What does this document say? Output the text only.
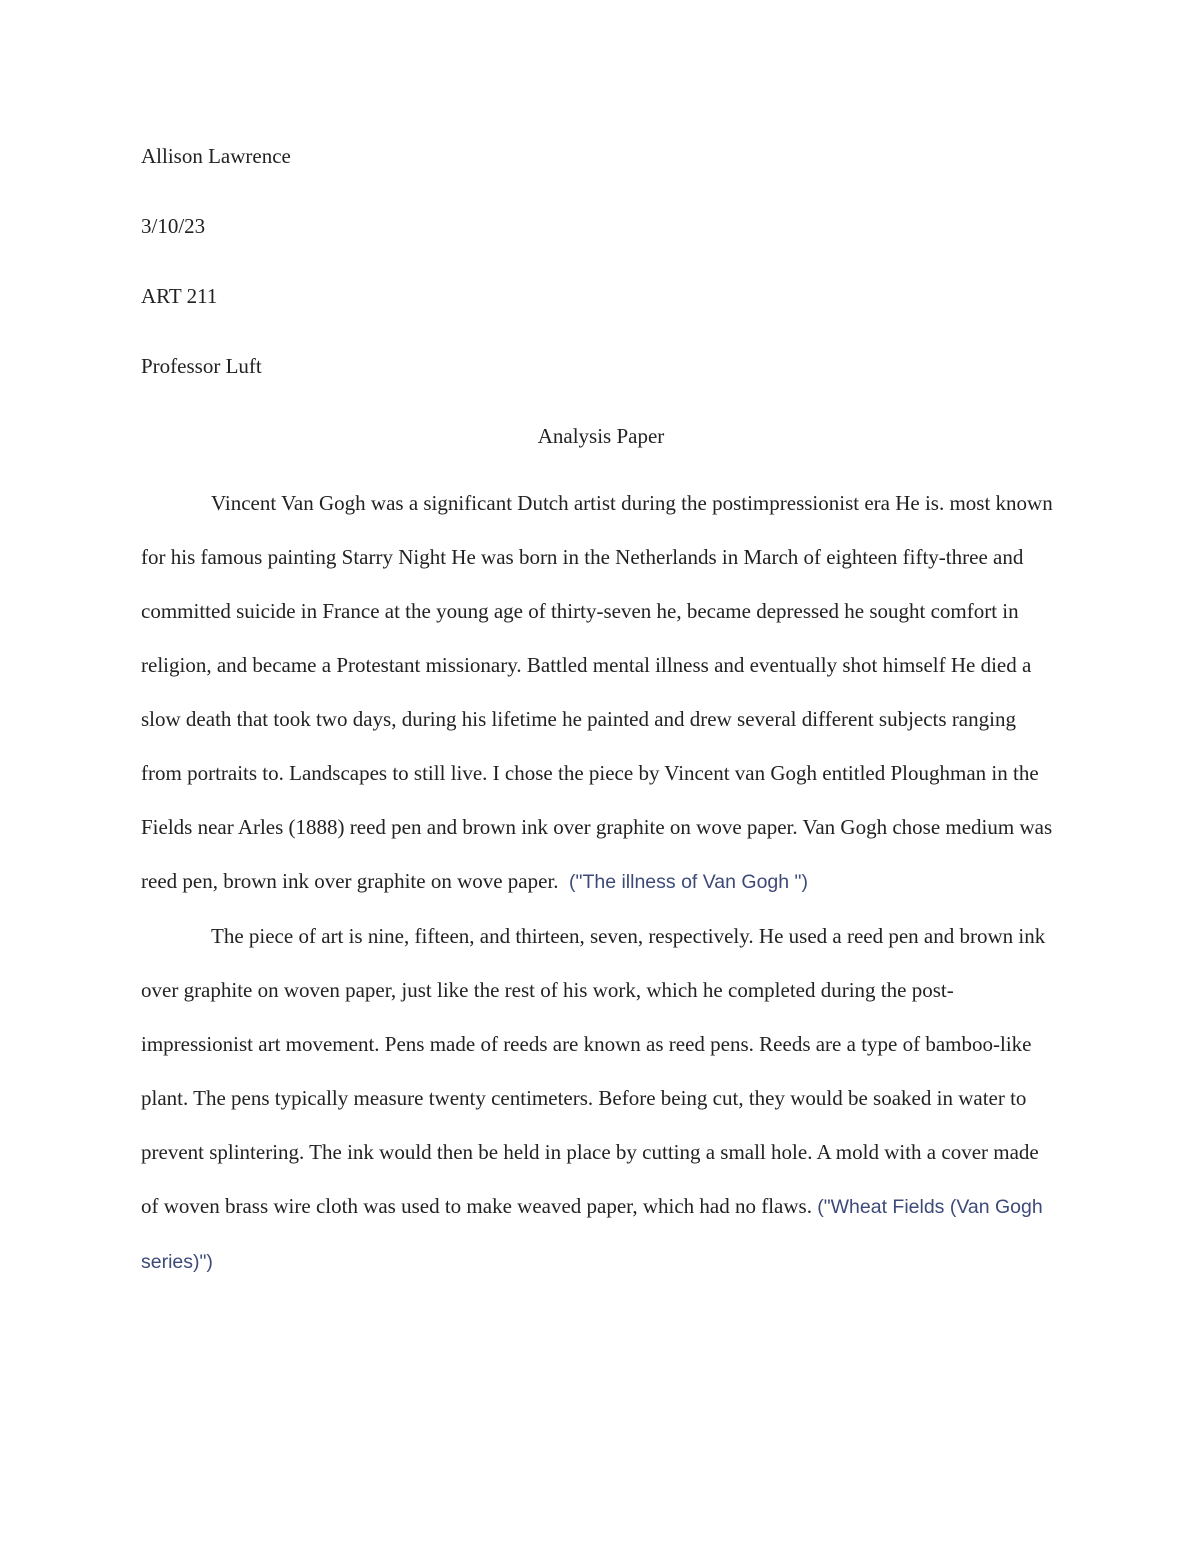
Allison Lawrence

3/10/23

ART 211

Professor Luft

Analysis Paper

Vincent Van Gogh was a significant Dutch artist during the postimpressionist era He is. most known for his famous painting Starry Night He was born in the Netherlands in March of eighteen fifty-three and committed suicide in France at the young age of thirty-seven he, became depressed he sought comfort in religion, and became a Protestant missionary. Battled mental illness and eventually shot himself He died a slow death that took two days, during his lifetime he painted and drew several different subjects ranging from portraits to. Landscapes to still live. I chose the piece by Vincent van Gogh entitled Ploughman in the Fields near Arles (1888) reed pen and brown ink over graphite on wove paper. Van Gogh chose medium was reed pen, brown ink over graphite on wove paper. ("The illness of Van Gogh ")

The piece of art is nine, fifteen, and thirteen, seven, respectively. He used a reed pen and brown ink over graphite on woven paper, just like the rest of his work, which he completed during the post-impressionist art movement. Pens made of reeds are known as reed pens. Reeds are a type of bamboo-like plant. The pens typically measure twenty centimeters. Before being cut, they would be soaked in water to prevent splintering. The ink would then be held in place by cutting a small hole. A mold with a cover made of woven brass wire cloth was used to make weaved paper, which had no flaws. ("Wheat Fields (Van Gogh series)")
